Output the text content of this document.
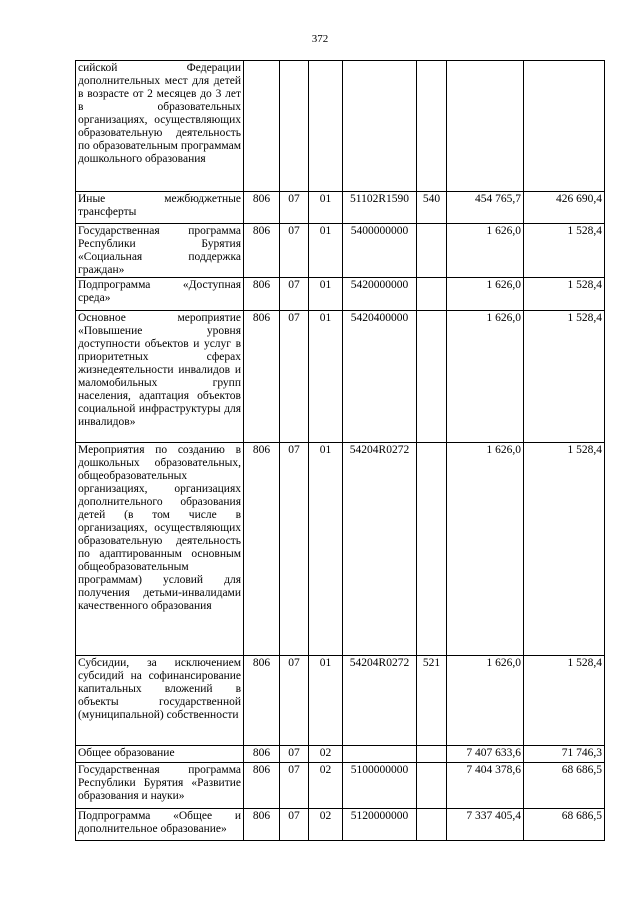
372
сийской Федерации дополнительных мест для детей в возрасте от 2 месяцев до 3 лет в образовательных организациях, осуществляющих образовательную деятельность по образовательным программам дошкольного образования							
Иные межбюджетные трансферты	806	07	01	51102R1590	540	454 765,7	426 690,4
Государственная программа Республики Бурятия «Социальная поддержка граждан»	806	07	01	5400000000		1 626,0	1 528,4
Подпрограмма «Доступная среда»	806	07	01	5420000000		1 626,0	1 528,4
Основное мероприятие «Повышение уровня доступности объектов и услуг в приоритетных сферах жизнедеятельности инвалидов и маломобильных групп населения, адаптация объектов социальной инфраструктуры для инвалидов»	806	07	01	5420400000		1 626,0	1 528,4
Мероприятия по созданию в дошкольных образовательных, общеобразовательных организациях, организациях дополнительного образования детей (в том числе в организациях, осуществляющих образовательную деятельность по адаптированным основным общеобразовательным программам) условий для получения детьми-инвалидами качественного образования	806	07	01	54204R0272		1 626,0	1 528,4
Субсидии, за исключением субсидий на софинансирование капитальных вложений в объекты государственной (муниципальной) собственности	806	07	01	54204R0272	521	1 626,0	1 528,4
Общее образование	806	07	02			7 407 633,6	71 746,3
Государственная программа Республики Бурятия «Развитие образования и науки»	806	07	02	5100000000		7 404 378,6	68 686,5
Подпрограмма «Общее и дополнительное образование»	806	07	02	5120000000		7 337 405,4	68 686,5
